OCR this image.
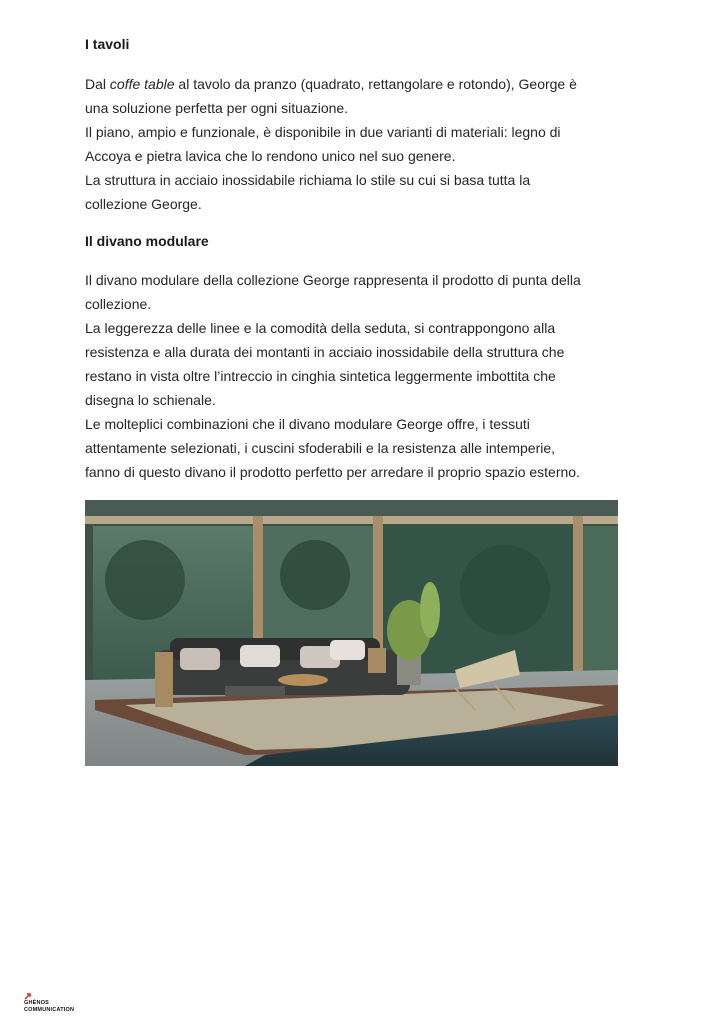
I tavoli

Dal coffe table al tavolo da pranzo (quadrato, rettangolare e rotondo), George è
una soluzione perfetta per ogni situazione.
Il piano, ampio e funzionale, è disponibile in due varianti di materiali: legno di
Accoya e pietra lavica che lo rendono unico nel suo genere.
La struttura in acciaio inossidabile richiama lo stile su cui si basa tutta la
collezione George.

Il divano modulare

Il divano modulare della collezione George rappresenta il prodotto di punta della
collezione.
La leggerezza delle linee e la comodità della seduta, si contrappongono alla
resistenza e alla durata dei montanti in acciaio inossidabile della struttura che
restano in vista oltre l’intreccio in cinghia sintetica leggermente imbottita che
disegna lo schienale.
Le molteplici combinazioni che il divano modulare George offre, i tessuti
attentamente selezionati, i cuscini sfoderabili e la resistenza alle intemperie,
fanno di questo divano il prodotto perfetto per arredare il proprio spazio esterno.

GHÈNOS
COMMUNICATION
